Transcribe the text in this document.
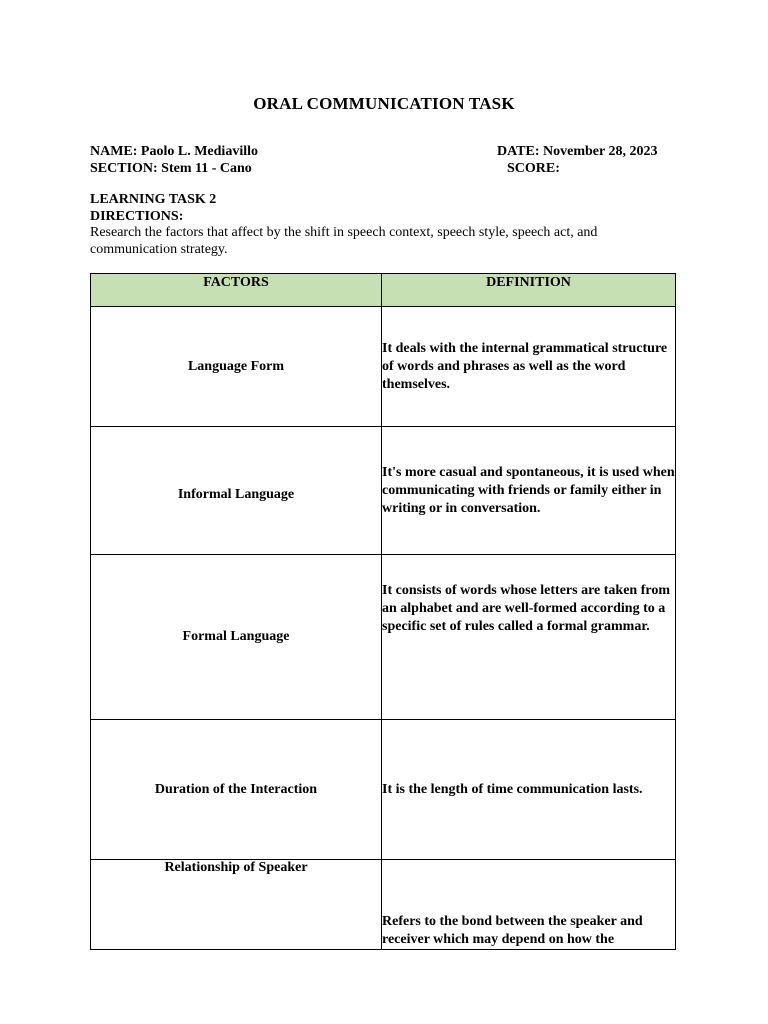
ORAL COMMUNICATION TASK
NAME: Paolo L. Mediavillo
SECTION: Stem 11 - Cano
DATE: November 28, 2023
SCORE:
LEARNING TASK 2
DIRECTIONS:
Research the factors that affect by the shift in speech context, speech style, speech act, and communication strategy.
FACTORS	DEFINITION
Language Form	It deals with the internal grammatical structure of words and phrases as well as the word themselves.
Informal Language	It's more casual and spontaneous, it is used when communicating with friends or family either in writing or in conversation.
Formal Language	It consists of words whose letters are taken from an alphabet and are well-formed according to a specific set of rules called a formal grammar.
Duration of the Interaction	It is the length of time communication lasts.
Relationship of Speaker	Refers to the bond between the speaker and receiver which may depend on how the
